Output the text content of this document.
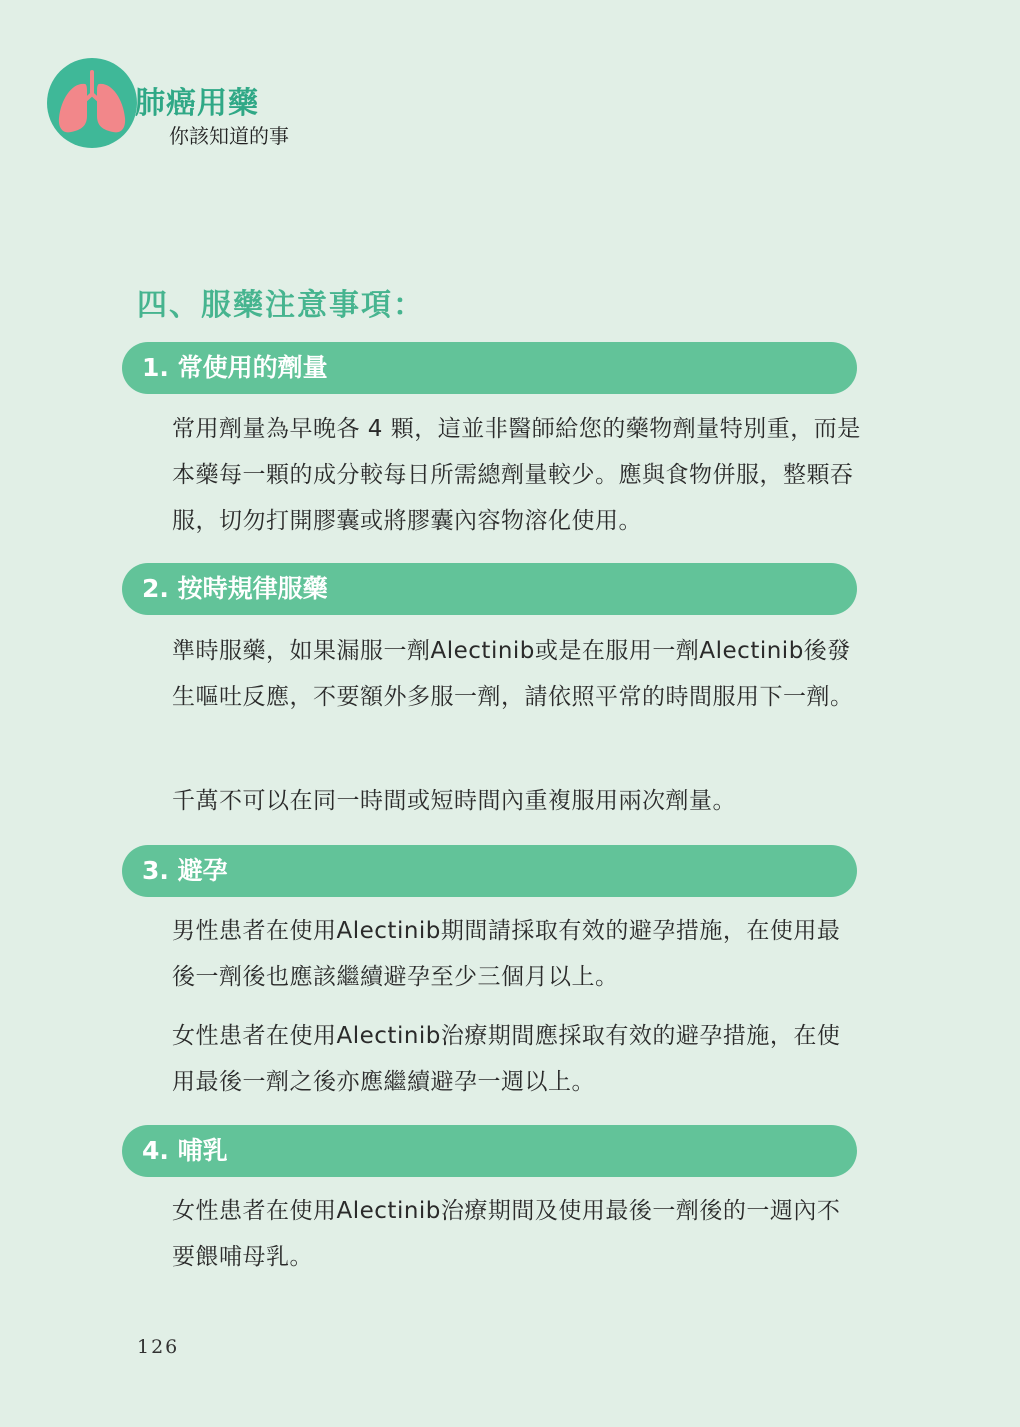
肺癌用藥
你該知道的事
四、服藥注意事項：
1. 常使用的劑量
常用劑量為早晚各 4 顆，這並非醫師給您的藥物劑量特別重，而是本藥每一顆的成分較每日所需總劑量較少。應與食物併服，整顆吞服，切勿打開膠囊或將膠囊內容物溶化使用。
2. 按時規律服藥
準時服藥，如果漏服一劑Alectinib或是在服用一劑Alectinib後發生嘔吐反應，不要額外多服一劑，請依照平常的時間服用下一劑。
千萬不可以在同一時間或短時間內重複服用兩次劑量。
3. 避孕
男性患者在使用Alectinib期間請採取有效的避孕措施，在使用最後一劑後也應該繼續避孕至少三個月以上。
女性患者在使用Alectinib治療期間應採取有效的避孕措施，在使用最後一劑之後亦應繼續避孕一週以上。
4. 哺乳
女性患者在使用Alectinib治療期間及使用最後一劑後的一週內不要餵哺母乳。
126
